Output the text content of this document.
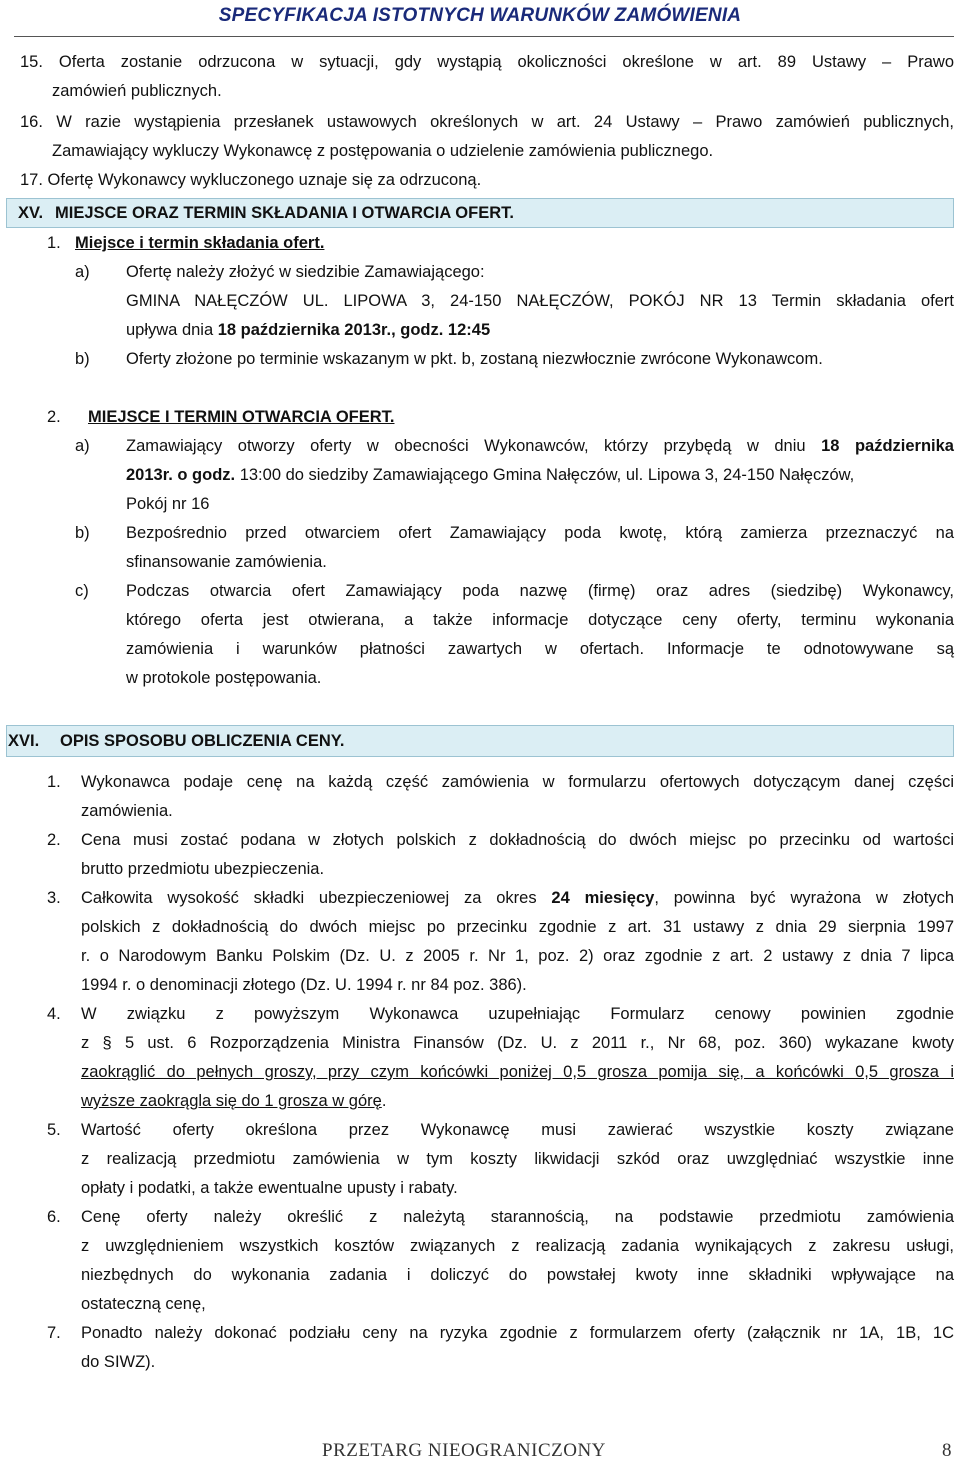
SPECYFIKACJA ISTOTNYCH WARUNKÓW ZAMÓWIENIA
15. Oferta zostanie odrzucona w sytuacji, gdy wystąpią okoliczności określone w art. 89 Ustawy – Prawo
zamówień publicznych.
16. W razie wystąpienia przesłanek ustawowych określonych w art. 24 Ustawy – Prawo zamówień publicznych,
Zamawiający wykluczy Wykonawcę z postępowania o udzielenie zamówienia publicznego.
17. Ofertę Wykonawcy wykluczonego uznaje się za odrzuconą.
XV. MIEJSCE ORAZ TERMIN SKŁADANIA I OTWARCIA OFERT.
1. Miejsce i termin składania ofert.
a) Ofertę należy złożyć w siedzibie Zamawiającego:
GMINA NAŁĘCZÓW UL. LIPOWA 3, 24-150 NAŁĘCZÓW, POKÓJ NR 13 Termin składania ofert
upływa dnia 18 października 2013r., godz. 12:45
b) Oferty złożone po terminie wskazanym w pkt. b, zostaną niezwłocznie zwrócone Wykonawcom.
2. MIEJSCE I TERMIN OTWARCIA OFERT.
a) Zamawiający otworzy oferty w obecności Wykonawców, którzy przybędą w dniu 18 października
2013r. o godz. 13:00 do siedziby Zamawiającego Gmina Nałęczów, ul. Lipowa 3, 24-150 Nałęczów,
Pokój nr 16
b) Bezpośrednio przed otwarciem ofert Zamawiający poda kwotę, którą zamierza przeznaczyć na
sfinansowanie zamówienia.
c) Podczas otwarcia ofert Zamawiający poda nazwę (firmę) oraz adres (siedzibę) Wykonawcy,
którego oferta jest otwierana, a także informacje dotyczące ceny oferty, terminu wykonania
zamówienia i warunków płatności zawartych w ofertach. Informacje te odnotowywane są
w protokole postępowania.
XVI. OPIS SPOSOBU OBLICZENIA CENY.
1. Wykonawca podaje cenę na każdą część zamówienia w formularzu ofertowych dotyczącym danej części
zamówienia.
2. Cena musi zostać podana w złotych polskich z dokładnością do dwóch miejsc po przecinku od wartości
brutto przedmiotu ubezpieczenia.
3. Całkowita wysokość składki ubezpieczeniowej za okres 24 miesięcy, powinna być wyrażona w złotych
polskich z dokładnością do dwóch miejsc po przecinku zgodnie z art. 31 ustawy z dnia 29 sierpnia 1997
r. o Narodowym Banku Polskim (Dz. U. z 2005 r. Nr 1, poz. 2) oraz zgodnie z art. 2 ustawy z dnia 7 lipca
1994 r. o denominacji złotego (Dz. U. 1994 r. nr 84 poz. 386).
4. W związku z powyższym Wykonawca uzupełniając Formularz cenowy powinien zgodnie
z § 5 ust. 6 Rozporządzenia Ministra Finansów (Dz. U. z 2011 r., Nr 68, poz. 360) wykazane kwoty
zaokrąglić do pełnych groszy, przy czym końcówki poniżej 0,5 grosza pomija się, a końcówki 0,5 grosza i
wyższe zaokrągla się do 1 grosza w górę.
5. Wartość oferty określona przez Wykonawcę musi zawierać wszystkie koszty związane
z realizacją przedmiotu zamówienia w tym koszty likwidacji szkód oraz uwzględniać wszystkie inne
opłaty i podatki, a także ewentualne upusty i rabaty.
6. Cenę oferty należy określić z należytą starannością, na podstawie przedmiotu zamówienia
z uwzględnieniem wszystkich kosztów związanych z realizacją zadania wynikających z zakresu usługi,
niezbędnych do wykonania zadania i doliczyć do powstałej kwoty inne składniki wpływające na
ostateczną cenę,
7. Ponadto należy dokonać podziału ceny na ryzyka zgodnie z formularzem oferty (załącznik nr 1A, 1B, 1C
do SIWZ).
PRZETARG NIEOGRANICZONY	8
